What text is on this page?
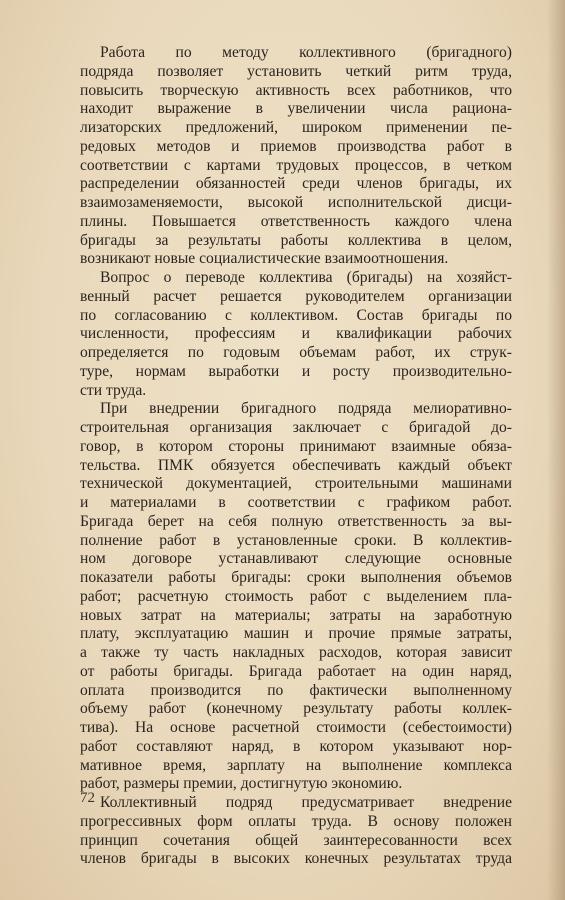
Работа по методу коллективного (бригадного)
подряда позволяет установить четкий ритм труда,
повысить творческую активность всех работников, что
находит выражение в увеличении числа рациона-
лизаторских предложений, широком применении пе-
редовых методов и приемов производства работ в
соответствии с картами трудовых процессов, в четком
распределении обязанностей среди членов бригады, их
взаимозаменяемости, высокой исполнительской дисци-
плины. Повышается ответственность каждого члена
бригады за результаты работы коллектива в целом,
возникают новые социалистические взаимоотношения.
Вопрос о переводе коллектива (бригады) на хозяйст-
венный расчет решается руководителем организации
по согласованию с коллективом. Состав бригады по
численности, профессиям и квалификации рабочих
определяется по годовым объемам работ, их струк-
туре, нормам выработки и росту производительно-
сти труда.
При внедрении бригадного подряда мелиоративно-
строительная организация заключает с бригадой до-
говор, в котором стороны принимают взаимные обяза-
тельства. ПМК обязуется обеспечивать каждый объект
технической документацией, строительными машинами
и материалами в соответствии с графиком работ.
Бригада берет на себя полную ответственность за вы-
полнение работ в установленные сроки. В коллектив-
ном договоре устанавливают следующие основные
показатели работы бригады: сроки выполнения объемов
работ; расчетную стоимость работ с выделением пла-
новых затрат на материалы; затраты на заработную
плату, эксплуатацию машин и прочие прямые затраты,
а также ту часть накладных расходов, которая зависит
от работы бригады. Бригада работает на один наряд,
оплата производится по фактически выполненному
объему работ (конечному результату работы коллек-
тива). На основе расчетной стоимости (себестоимости)
работ составляют наряд, в котором указывают нор-
мативное время, зарплату на выполнение комплекса
работ, размеры премии, достигнутую экономию.
Коллективный подряд предусматривает внедрение
прогрессивных форм оплаты труда. В основу положен
принцип сочетания общей заинтересованности всех
членов бригады в высоких конечных результатах труда
72
